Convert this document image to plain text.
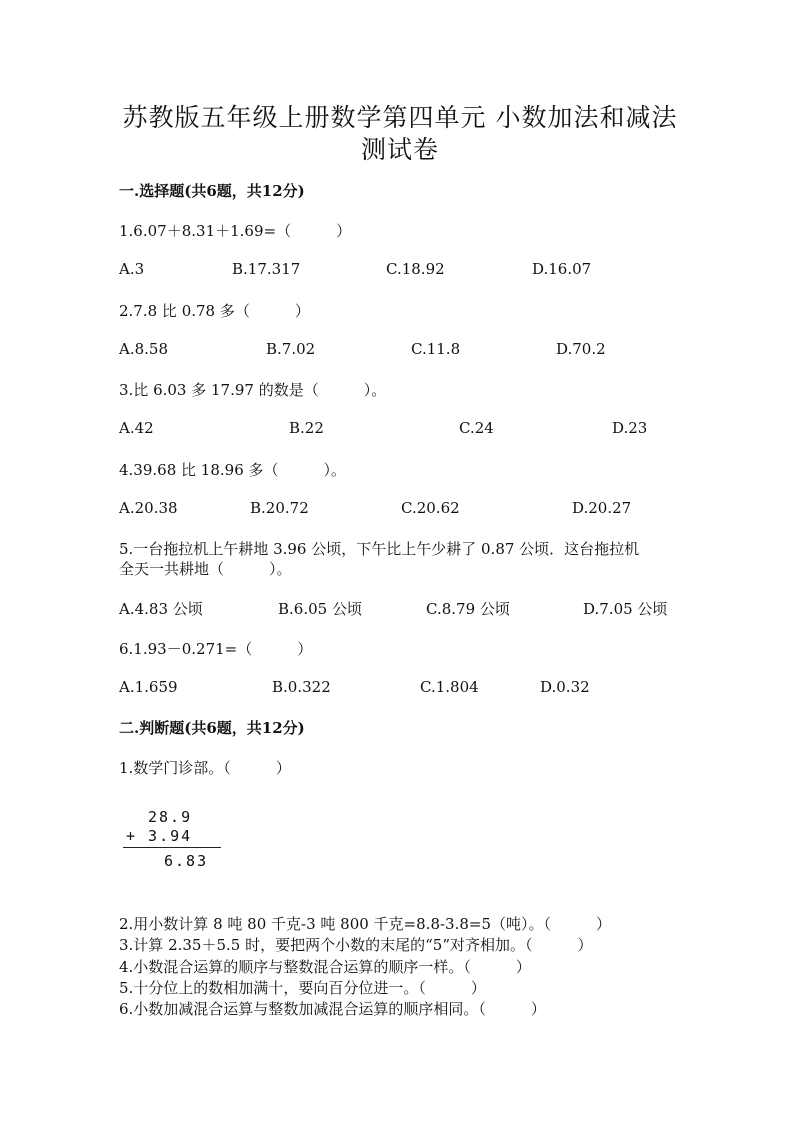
苏教版五年级上册数学第四单元 小数加法和减法
测试卷
一.选择题(共6题，共12分)
1.6.07＋8.31＋1.69=（　　　）
A.3	B.17.317	C.18.92	D.16.07
2.7.8 比 0.78 多（　　　）
A.8.58	B.7.02	C.11.8	D.70.2
3.比 6.03 多 17.97 的数是（　　　）。
A.42	B.22	C.24	D.23
4.39.68 比 18.96 多（　　　）。
A.20.38	B.20.72	C.20.62	D.20.27
5.一台拖拉机上午耕地 3.96 公顷，下午比上午少耕了 0.87 公顷．这台拖拉机
全天一共耕地（　　　）。
A.4.83 公顷	B.6.05 公顷	C.8.79 公顷	D.7.05 公顷
6.1.93－0.271=（　　　）
A.1.659	B.0.322	C.1.804	D.0.32
二.判断题(共6题，共12分)
1.数学门诊部。（　　　）
28.9
+ 3.94
6.83
2.用小数计算 8 吨 80 千克-3 吨 800 千克=8.8-3.8=5（吨）。（　　　）
3.计算 2.35＋5.5 时，要把两个小数的末尾的“5”对齐相加。（　　　）
4.小数混合运算的顺序与整数混合运算的顺序一样。（　　　）
5.十分位上的数相加满十，要向百分位进一。（　　　）
6.小数加减混合运算与整数加减混合运算的顺序相同。（　　　）
